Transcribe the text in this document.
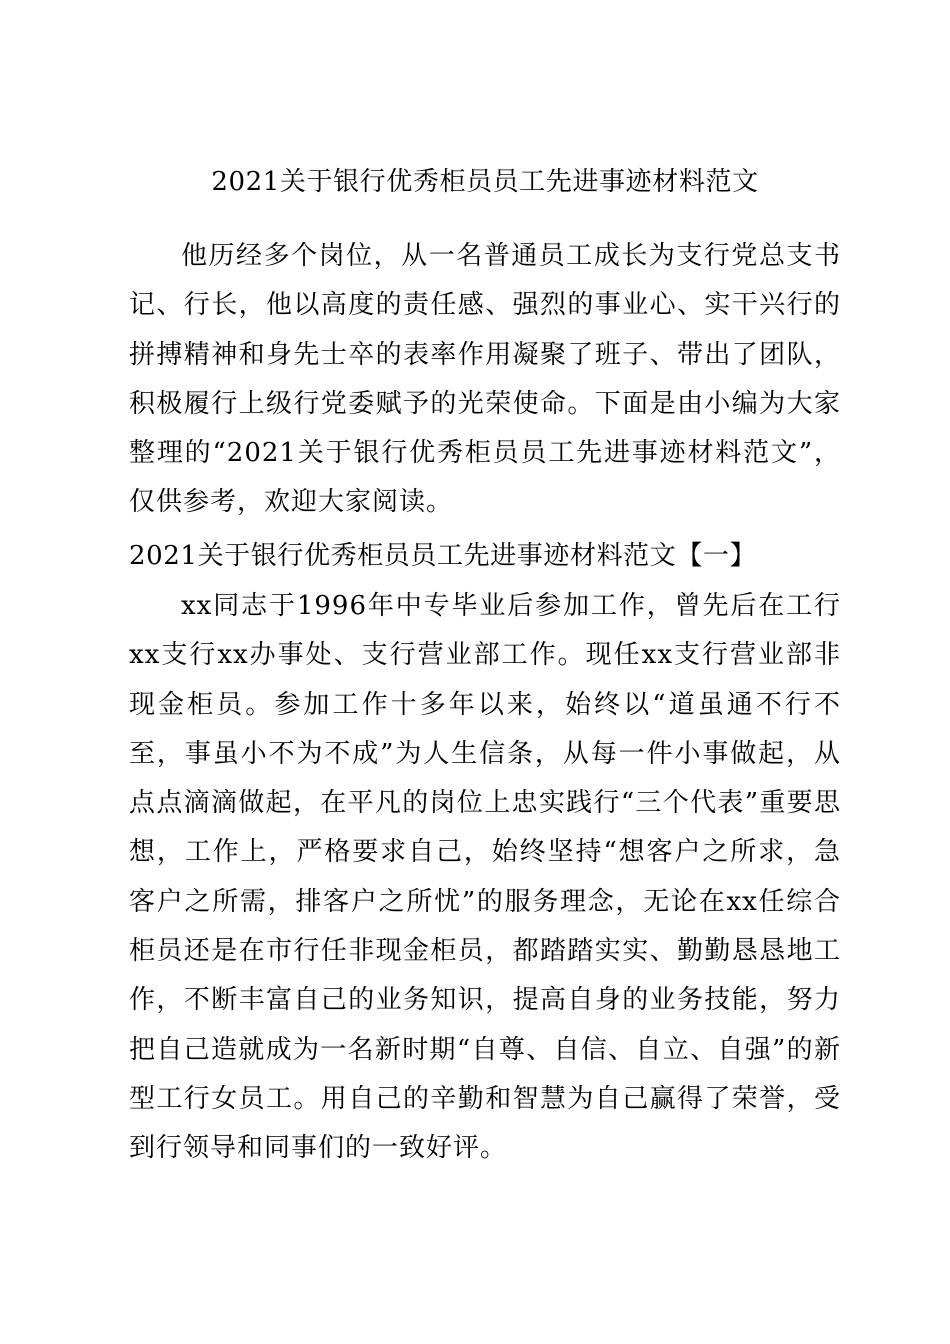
2021关于银行优秀柜员员工先进事迹材料范文
他历经多个岗位，从一名普通员工成长为支行党总支书记、行长，他以高度的责任感、强烈的事业心、实干兴行的拼搏精神和身先士卒的表率作用凝聚了班子、带出了团队，积极履行上级行党委赋予的光荣使命。下面是由小编为大家整理的“2021关于银行优秀柜员员工先进事迹材料范文”，仅供参考，欢迎大家阅读。
2021关于银行优秀柜员员工先进事迹材料范文【一】
xx同志于1996年中专毕业后参加工作，曾先后在工行xx支行xx办事处、支行营业部工作。现任xx支行营业部非现金柜员。参加工作十多年以来，始终以“道虽通不行不至，事虽小不为不成”为人生信条，从每一件小事做起，从点点滴滴做起，在平凡的岗位上忠实践行“三个代表”重要思想，工作上，严格要求自己，始终坚持“想客户之所求，急客户之所需，排客户之所忧”的服务理念，无论在xx任综合柜员还是在市行任非现金柜员，都踏踏实实、勤勤恳恳地工作，不断丰富自己的业务知识，提高自身的业务技能，努力把自己造就成为一名新时期“自尊、自信、自立、自强”的新型工行女员工。用自己的辛勤和智慧为自己赢得了荣誉，受到行领导和同事们的一致好评。
